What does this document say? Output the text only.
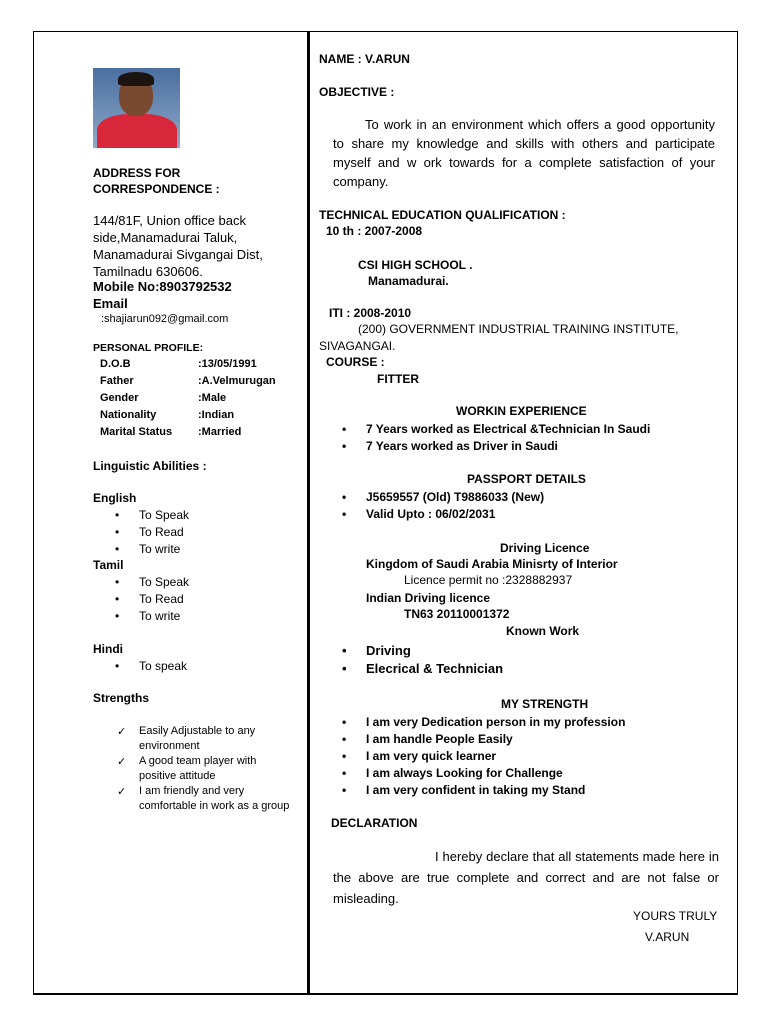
ADDRESS FOR
CORRESPONDENCE :
144/81F, Union office back
side,Manamadurai Taluk,
Manamadurai Sivgangai Dist,
Tamilnadu 630606.
Mobile No:8903792532
Email
:shajiarun092@gmail.com
PERSONAL PROFILE:
D.O.B	:13/05/1991
Father	:A.Velmurugan
Gender	:Male
Nationality	:Indian
Marital Status :Married
Linguistic Abilities :
English
• To Speak
• To Read
• To write
Tamil
• To Speak
• To Read
• To write
Hindi
• To speak
Strengths
✓ Easily Adjustable to any
environment
✓ A good team player with
positive attitude
✓ I am friendly and very
comfortable in work as a group
NAME : V.ARUN
OBJECTIVE :
To work in an environment which offers a good opportunity to share my knowledge and skills with others and participate myself and w ork towards for a complete satisfaction of your company.
TECHNICAL EDUCATION QUALIFICATION :
10 th : 2007-2008
CSI HIGH SCHOOL .
Manamadurai.
ITI : 2008-2010
(200) GOVERNMENT INDUSTRIAL TRAINING INSTITUTE,
SIVAGANGAI.
COURSE :
FITTER
WORKIN EXPERIENCE
• 7 Years worked as Electrical &Technician In Saudi
• 7 Years worked as Driver in Saudi
PASSPORT DETAILS
• J5659557 (Old) T9886033 (New)
• Valid Upto : 06/02/2031
Driving Licence
Kingdom of Saudi Arabia Minisrty of Interior
Licence permit no :2328882937
Indian Driving licence
TN63 20110001372
Known Work
• Driving
• Elecrical & Technician
MY STRENGTH
• I am very Dedication person in my profession
• I am handle People Easily
• I am very quick learner
• I am always Looking for Challenge
• I am very confident in taking my Stand
DECLARATION
I hereby declare that all statements made here in the above are true complete and correct and are not false or misleading.
YOURS TRULY
V.ARUN
